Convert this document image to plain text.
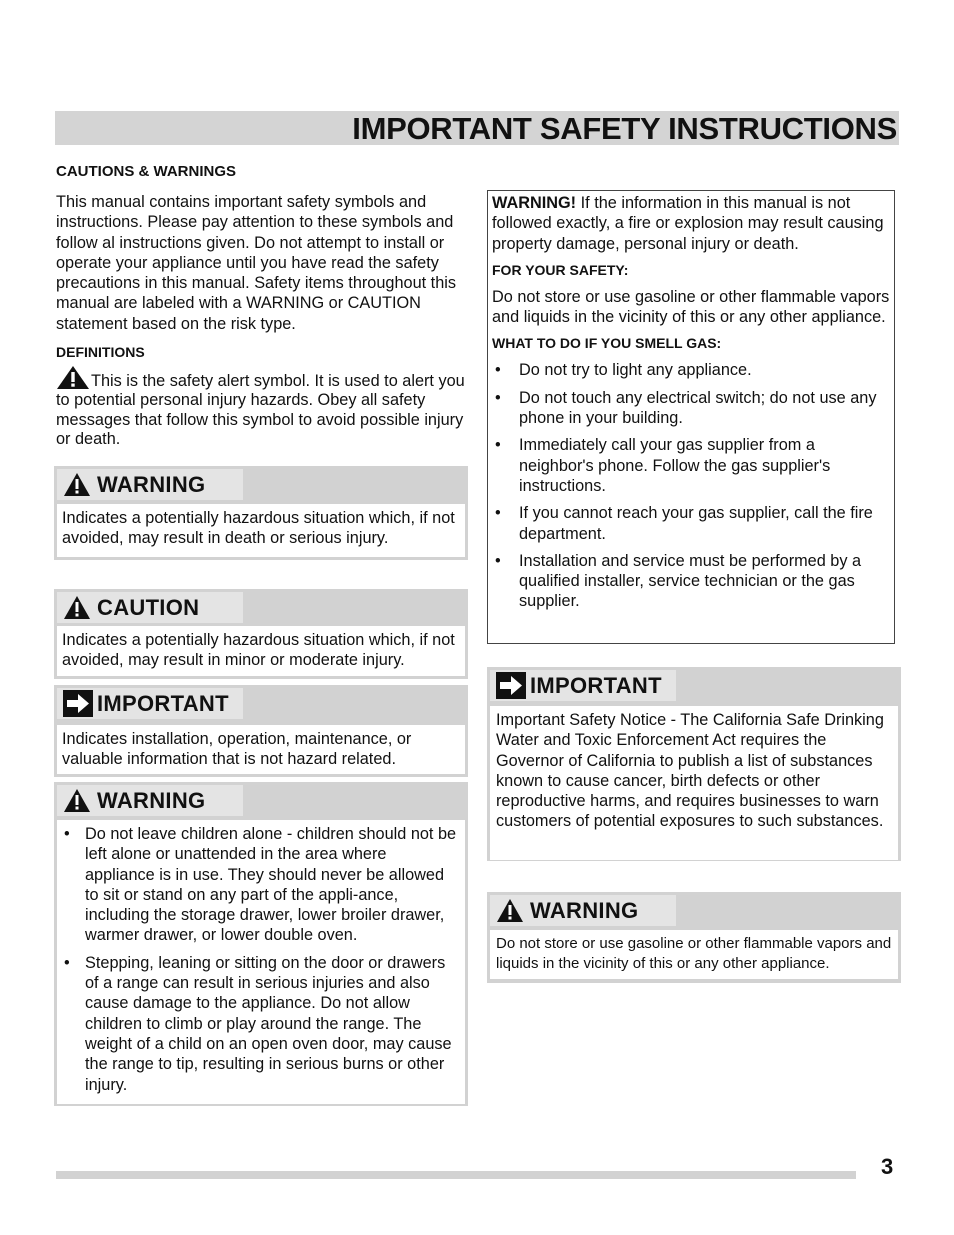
IMPORTANT SAFETY INSTRUCTIONS
CAUTIONS & WARNINGS

This manual contains important safety symbols and instructions. Please pay attention to these symbols and follow al instructions given. Do not attempt to install or operate your appliance until you have read the safety precautions in this manual. Safety items throughout this manual are labeled with a WARNING or CAUTION statement based on the risk type.

DEFINITIONS

This is the safety alert symbol. It is used to alert you to potential personal injury hazards. Obey all safety messages that follow this symbol to avoid possible injury or death.

WARNING
Indicates a potentially hazardous situation which, if not avoided, may result in death or serious injury.
CAUTION
Indicates a potentially hazardous situation which, if not avoided, may result in minor or moderate injury.
IMPORTANT
Indicates installation, operation, maintenance, or valuable information that is not hazard related.
WARNING
• Do not leave children alone - children should not be left alone or unattended in the area where appliance is in use. They should never be allowed to sit or stand on any part of the appli-ance, including the storage drawer, lower broiler drawer, warmer drawer, or lower double oven.
• Stepping, leaning or sitting on the door or drawers of a range can result in serious injuries and also cause damage to the appliance. Do not allow children to climb or play around the range. The weight of a child on an open oven door, may cause the range to tip, resulting in serious burns or other injury.

WARNING! If the information in this manual is not followed exactly, a fire or explosion may result causing property damage, personal injury or death.

FOR YOUR SAFETY:

Do not store or use gasoline or other flammable vapors and liquids in the vicinity of this or any other appliance.

WHAT TO DO IF YOU SMELL GAS:
• Do not try to light any appliance.
• Do not touch any electrical switch; do not use any phone in your building.
• Immediately call your gas supplier from a neighbor's phone. Follow the gas supplier's instructions.
• If you cannot reach your gas supplier, call the fire department.
• Installation and service must be performed by a qualified installer, service technician or the gas supplier.
IMPORTANT
Important Safety Notice - The California Safe Drinking Water and Toxic Enforcement Act requires the Governor of California to publish a list of substances known to cause cancer, birth defects or other reproductive harms, and requires businesses to warn customers of potential exposures to such substances.
WARNING
Do not store or use gasoline or other flammable vapors and liquids in the vicinity of this or any other appliance.
3
